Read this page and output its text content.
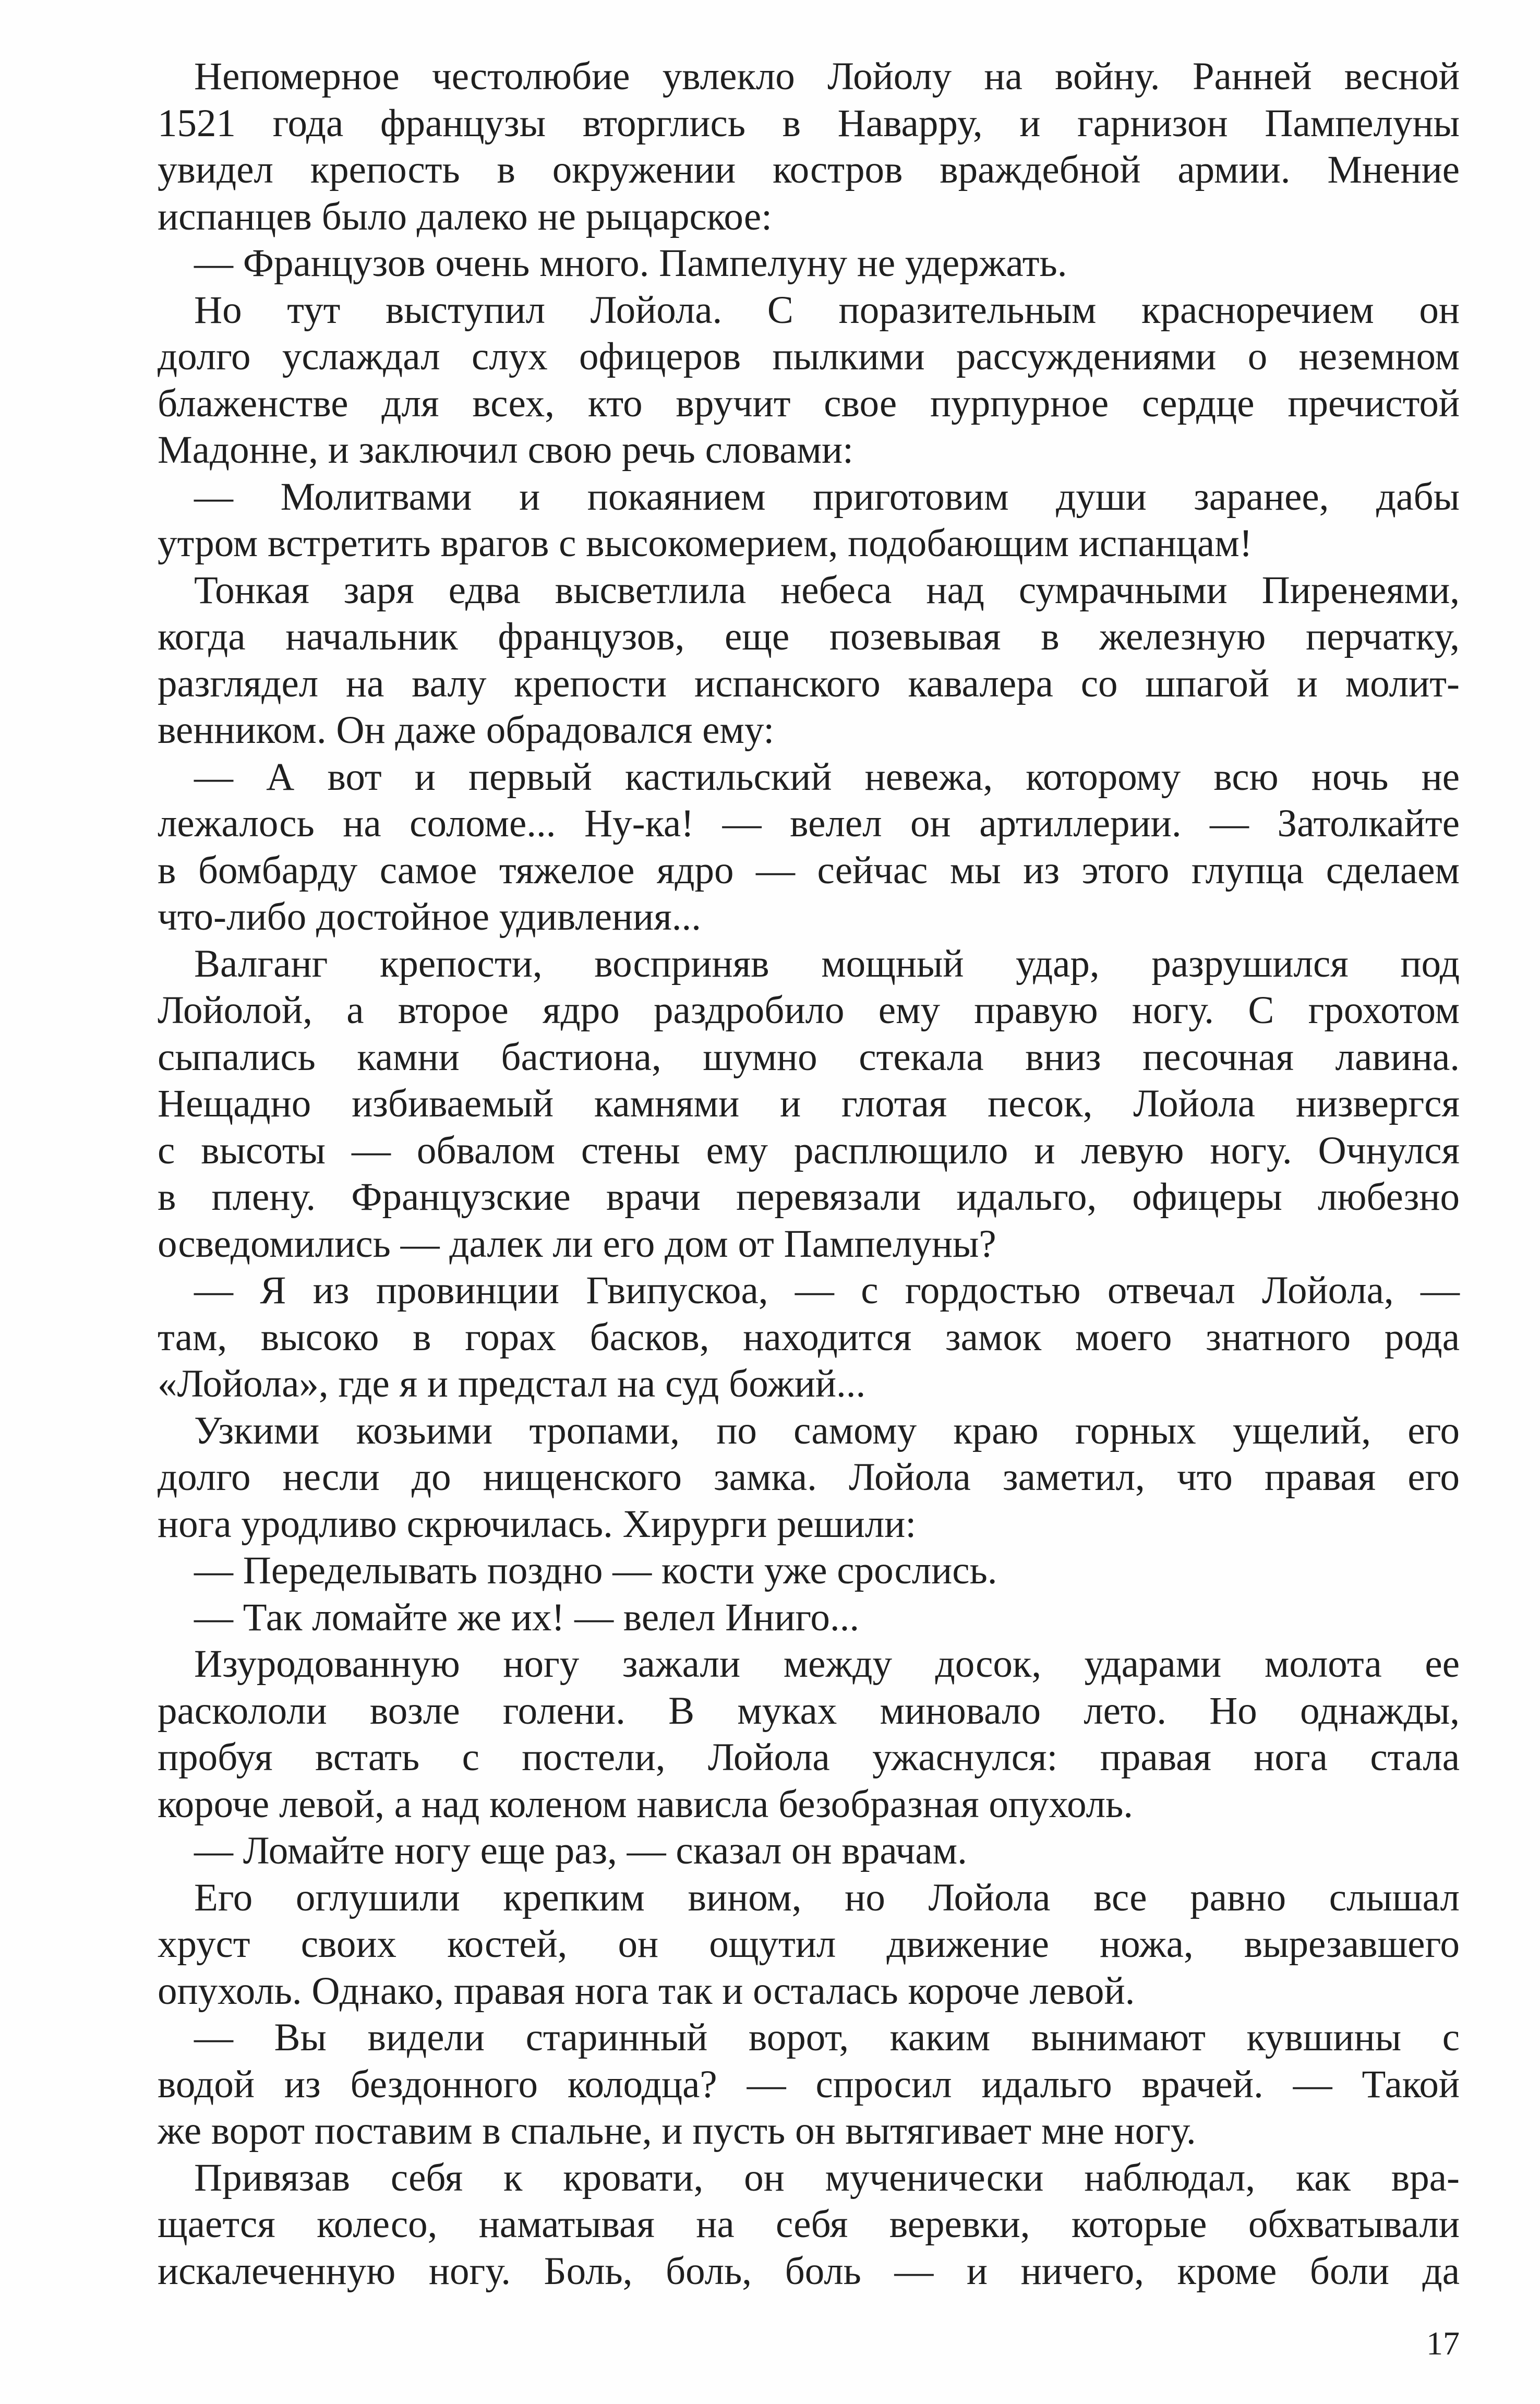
Непомерное честолюбие увлекло Лойолу на войну. Ранней весной
1521 года французы вторглись в Наварру, и гарнизон Пампелуны
увидел крепость в окружении костров враждебной армии. Мнение
испанцев было далеко не рыцарское:
— Французов очень много. Пампелуну не удержать.
Но тут выступил Лойола. С поразительным красноречием он
долго услаждал слух офицеров пылкими рассуждениями о неземном
блаженстве для всех, кто вручит свое пурпурное сердце пречистой
Мадонне, и заключил свою речь словами:
— Молитвами и покаянием приготовим души заранее, дабы
утром встретить врагов с высокомерием, подобающим испанцам!
Тонкая заря едва высветлила небеса над сумрачными Пиренеями,
когда начальник французов, еще позевывая в железную перчатку,
разглядел на валу крепости испанского кавалера со шпагой и молит-
венником. Он даже обрадовался ему:
— А вот и первый кастильский невежа, которому всю ночь не
лежалось на соломе... Ну-ка! — велел он артиллерии. — Затолкайте
в бомбарду самое тяжелое ядро — сейчас мы из этого глупца сделаем
что-либо достойное удивления...
Валганг крепости, восприняв мощный удар, разрушился под
Лойолой, а второе ядро раздробило ему правую ногу. С грохотом
сыпались камни бастиона, шумно стекала вниз песочная лавина.
Нещадно избиваемый камнями и глотая песок, Лойола низвергся
с высоты — обвалом стены ему расплющило и левую ногу. Очнулся
в плену. Французские врачи перевязали идальго, офицеры любезно
осведомились — далек ли его дом от Пампелуны?
— Я из провинции Гвипускоа, — с гордостью отвечал Лойола, —
там, высоко в горах басков, находится замок моего знатного рода
«Лойола», где я и предстал на суд божий...
Узкими козьими тропами, по самому краю горных ущелий, его
долго несли до нищенского замка. Лойола заметил, что правая его
нога уродливо скрючилась. Хирурги решили:
— Переделывать поздно — кости уже срослись.
— Так ломайте же их! — велел Иниго...
Изуродованную ногу зажали между досок, ударами молота ее
раскололи возле голени. В муках миновало лето. Но однажды,
пробуя встать с постели, Лойола ужаснулся: правая нога стала
короче левой, а над коленом нависла безобразная опухоль.
— Ломайте ногу еще раз, — сказал он врачам.
Его оглушили крепким вином, но Лойола все равно слышал
хруст своих костей, он ощутил движение ножа, вырезавшего
опухоль. Однако, правая нога так и осталась короче левой.
— Вы видели старинный ворот, каким вынимают кувшины с
водой из бездонного колодца? — спросил идальго врачей. — Такой
же ворот поставим в спальне, и пусть он вытягивает мне ногу.
Привязав себя к кровати, он мученически наблюдал, как вра-
щается колесо, наматывая на себя веревки, которые обхватывали
искалеченную ногу. Боль, боль, боль — и ничего, кроме боли да
17
